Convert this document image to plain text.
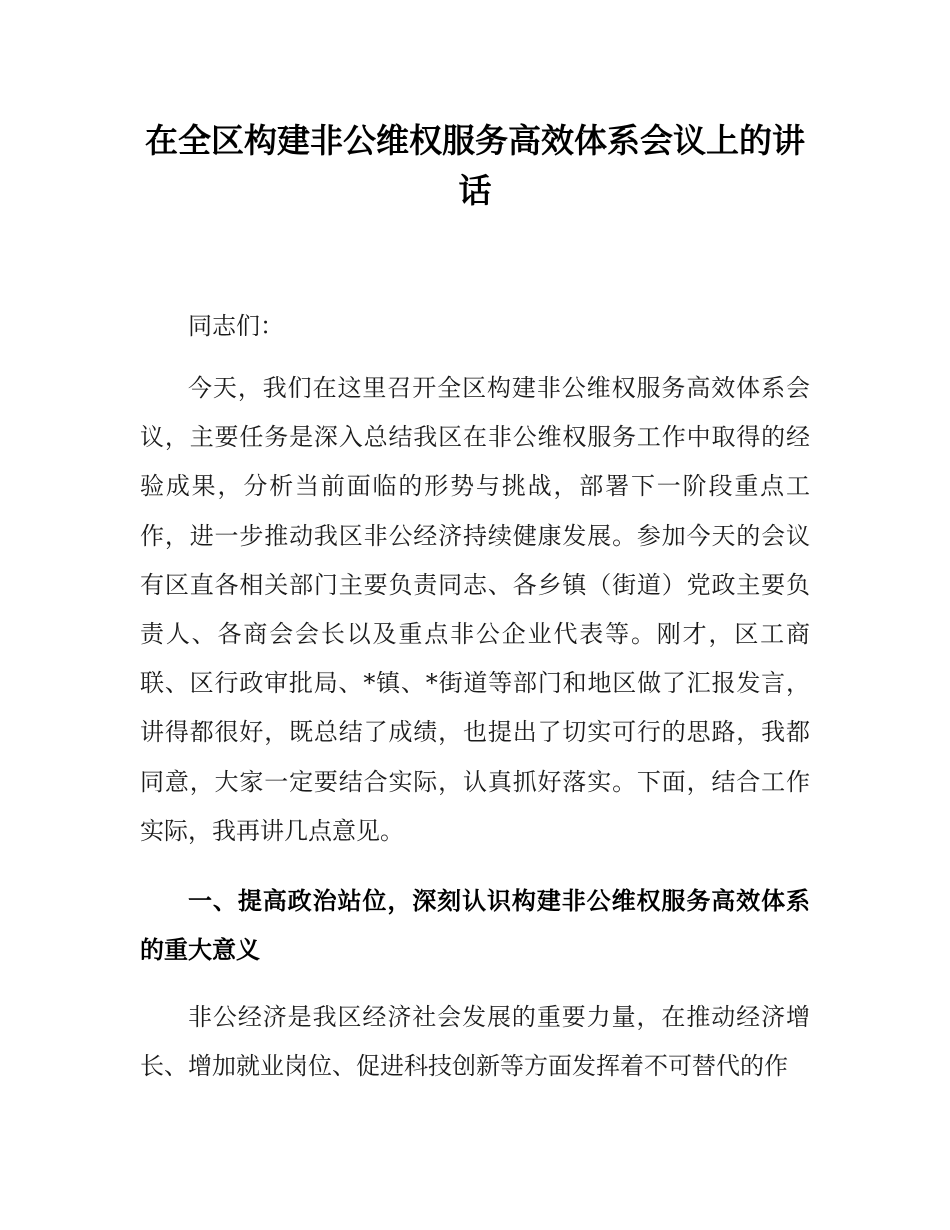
在全区构建非公维权服务高效体系会议上的讲话

同志们：

今天，我们在这里召开全区构建非公维权服务高效体系会议，主要任务是深入总结我区在非公维权服务工作中取得的经验成果，分析当前面临的形势与挑战，部署下一阶段重点工作，进一步推动我区非公经济持续健康发展。参加今天的会议有区直各相关部门主要负责同志、各乡镇（街道）党政主要负责人、各商会会长以及重点非公企业代表等。刚才，区工商联、区行政审批局、*镇、*街道等部门和地区做了汇报发言，讲得都很好，既总结了成绩，也提出了切实可行的思路，我都同意，大家一定要结合实际，认真抓好落实。下面，结合工作实际，我再讲几点意见。

一、提高政治站位，深刻认识构建非公维权服务高效体系的重大意义

非公经济是我区经济社会发展的重要力量，在推动经济增长、增加就业岗位、促进科技创新等方面发挥着不可替代的作
